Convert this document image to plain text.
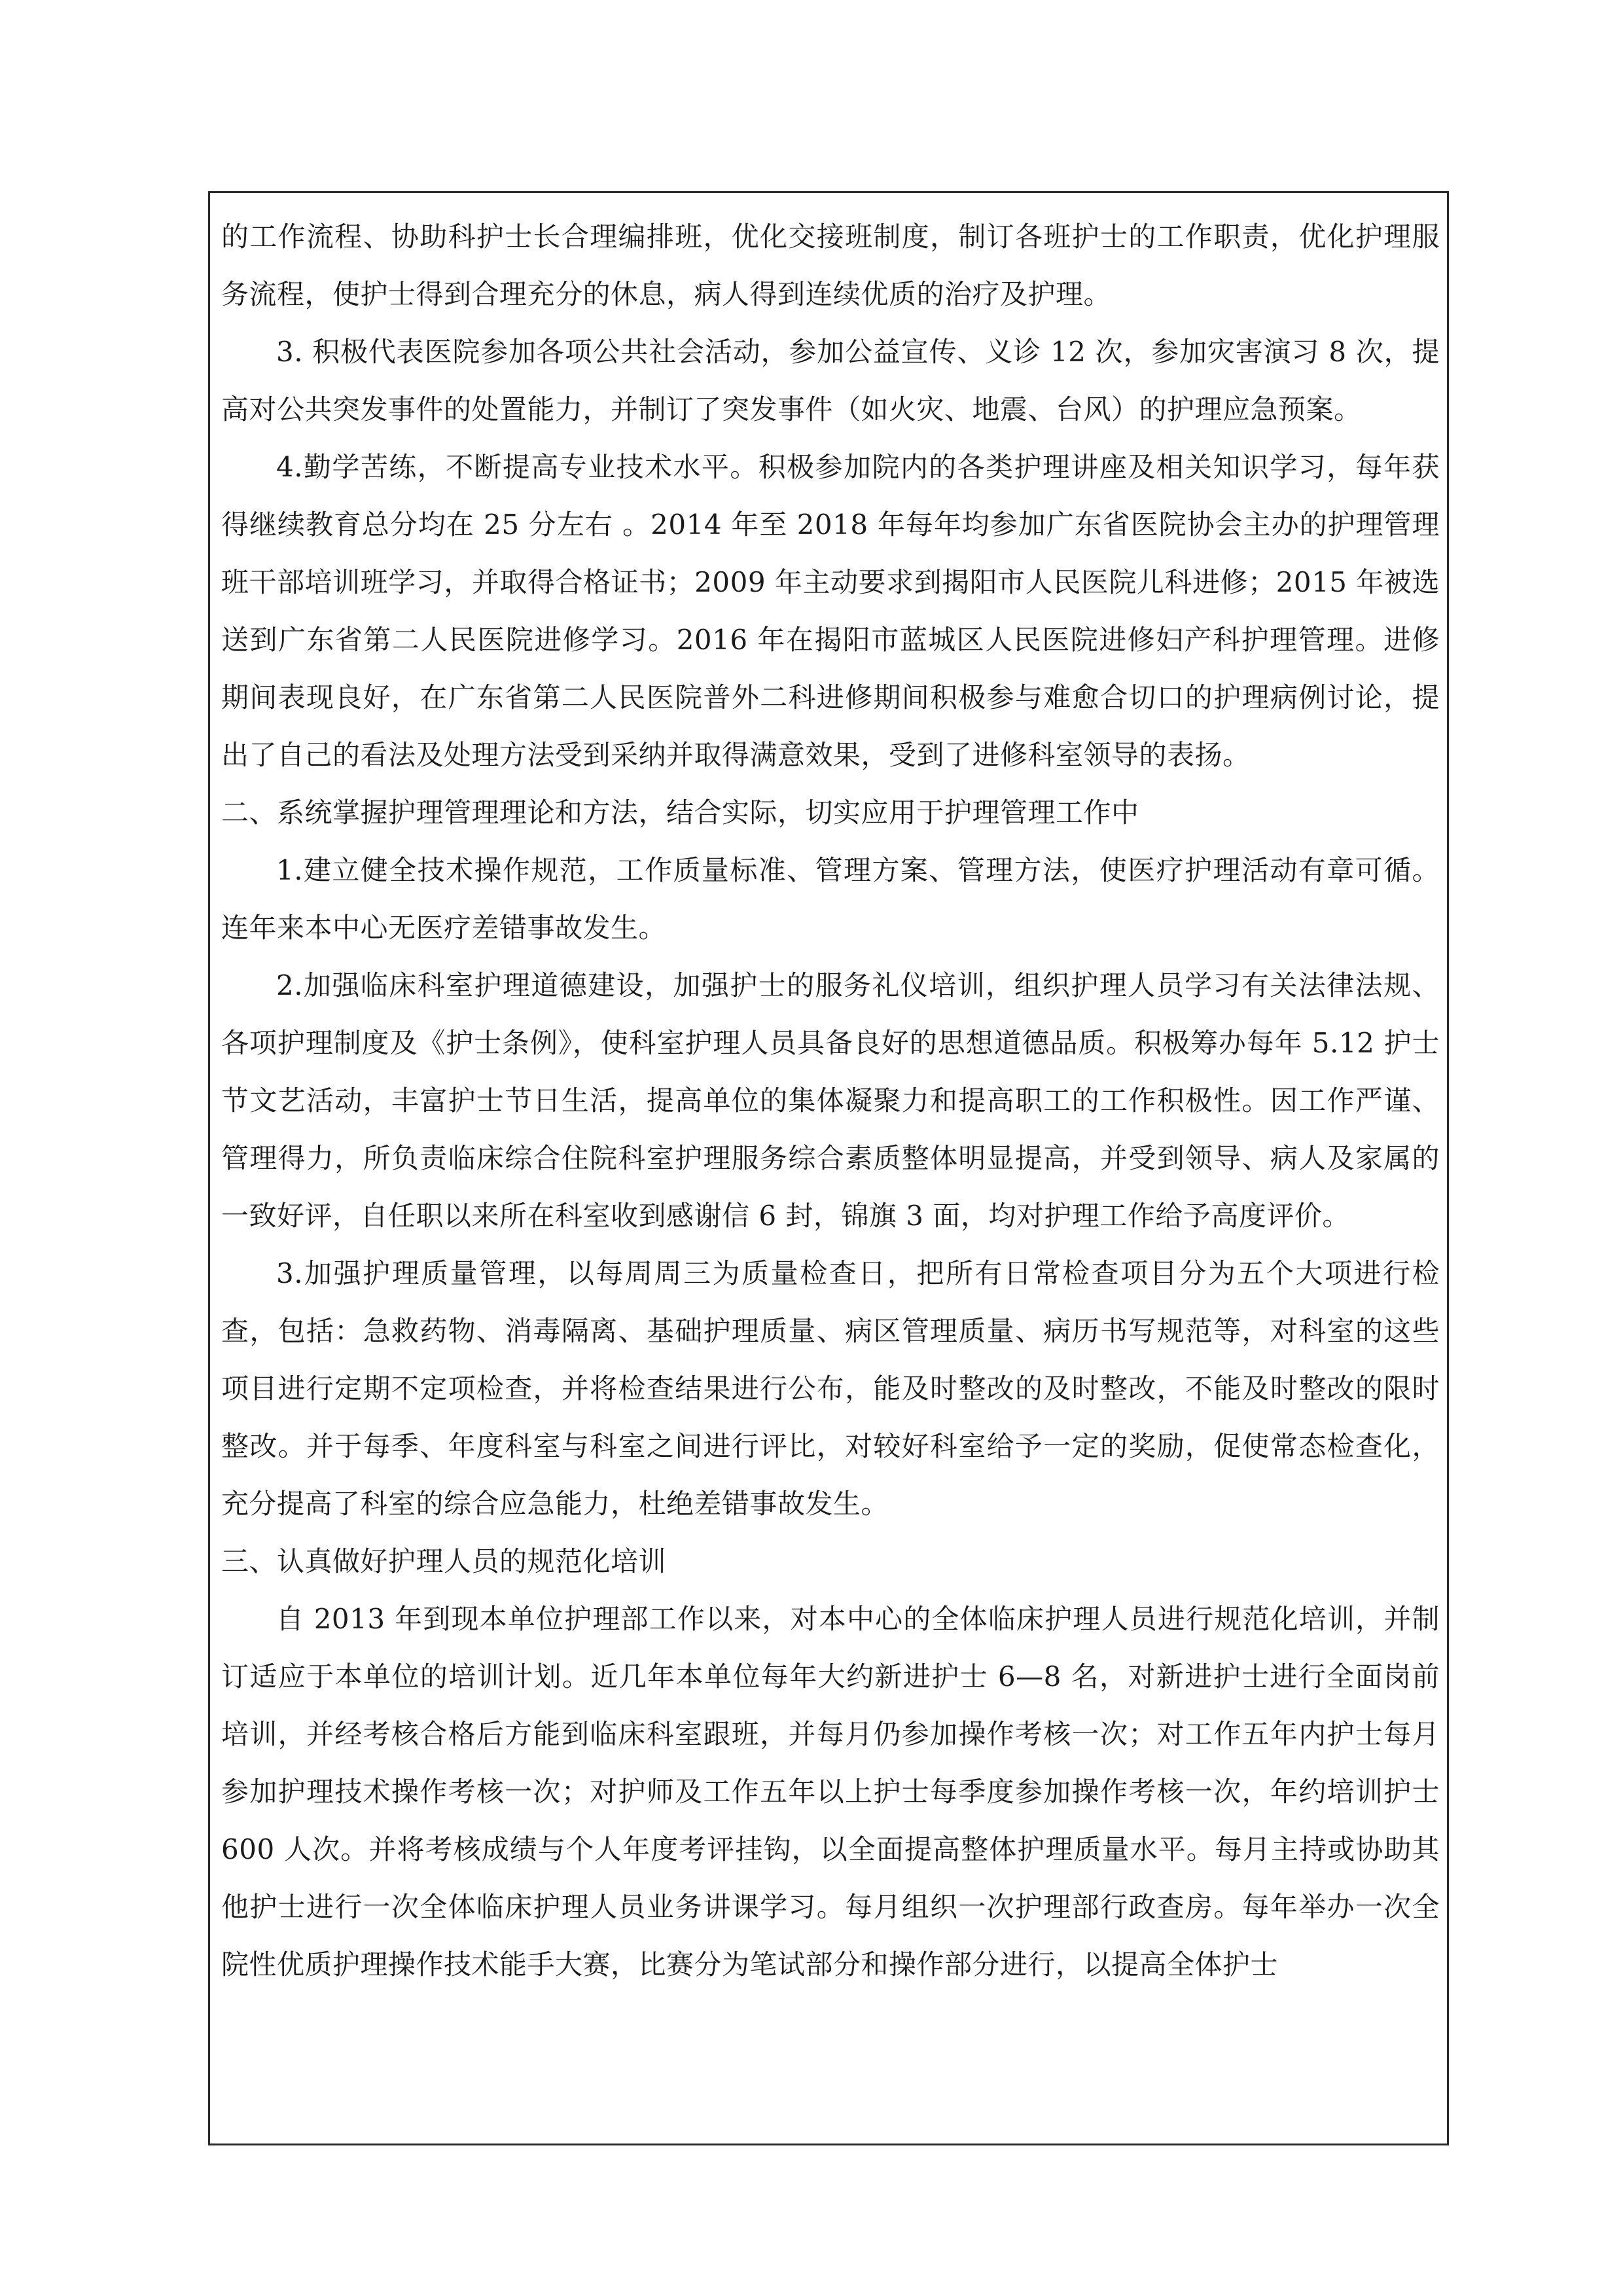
的工作流程、协助科护士长合理编排班，优化交接班制度，制订各班护士的工作职责，优化护理服务流程，使护士得到合理充分的休息，病人得到连续优质的治疗及护理。

3. 积极代表医院参加各项公共社会活动，参加公益宣传、义诊 12 次，参加灾害演习 8 次，提高对公共突发事件的处置能力，并制订了突发事件（如火灾、地震、台风）的护理应急预案。

4.勤学苦练，不断提高专业技术水平。积极参加院内的各类护理讲座及相关知识学习，每年获得继续教育总分均在 25 分左右 。2014 年至 2018 年每年均参加广东省医院协会主办的护理管理班干部培训班学习，并取得合格证书；2009 年主动要求到揭阳市人民医院儿科进修；2015 年被选送到广东省第二人民医院进修学习。2016 年在揭阳市蓝城区人民医院进修妇产科护理管理。进修期间表现良好，在广东省第二人民医院普外二科进修期间积极参与难愈合切口的护理病例讨论，提出了自己的看法及处理方法受到采纳并取得满意效果，受到了进修科室领导的表扬。

二、系统掌握护理管理理论和方法，结合实际，切实应用于护理管理工作中

1.建立健全技术操作规范，工作质量标准、管理方案、管理方法，使医疗护理活动有章可循。连年来本中心无医疗差错事故发生。

2.加强临床科室护理道德建设，加强护士的服务礼仪培训，组织护理人员学习有关法律法规、各项护理制度及《护士条例》，使科室护理人员具备良好的思想道德品质。积极筹办每年 5.12 护士节文艺活动，丰富护士节日生活，提高单位的集体凝聚力和提高职工的工作积极性。因工作严谨、管理得力，所负责临床综合住院科室护理服务综合素质整体明显提高，并受到领导、病人及家属的一致好评，自任职以来所在科室收到感谢信 6 封，锦旗 3 面，均对护理工作给予高度评价。

3.加强护理质量管理，以每周周三为质量检查日，把所有日常检查项目分为五个大项进行检查，包括：急救药物、消毒隔离、基础护理质量、病区管理质量、病历书写规范等，对科室的这些项目进行定期不定项检查，并将检查结果进行公布，能及时整改的及时整改，不能及时整改的限时整改。并于每季、年度科室与科室之间进行评比，对较好科室给予一定的奖励，促使常态检查化，充分提高了科室的综合应急能力，杜绝差错事故发生。

三、认真做好护理人员的规范化培训

自 2013 年到现本单位护理部工作以来，对本中心的全体临床护理人员进行规范化培训，并制订适应于本单位的培训计划。近几年本单位每年大约新进护士 6—8 名，对新进护士进行全面岗前培训，并经考核合格后方能到临床科室跟班，并每月仍参加操作考核一次；对工作五年内护士每月参加护理技术操作考核一次；对护师及工作五年以上护士每季度参加操作考核一次，年约培训护士 600 人次。并将考核成绩与个人年度考评挂钩，以全面提高整体护理质量水平。每月主持或协助其他护士进行一次全体临床护理人员业务讲课学习。每月组织一次护理部行政查房。每年举办一次全院性优质护理操作技术能手大赛，比赛分为笔试部分和操作部分进行，以提高全体护士
